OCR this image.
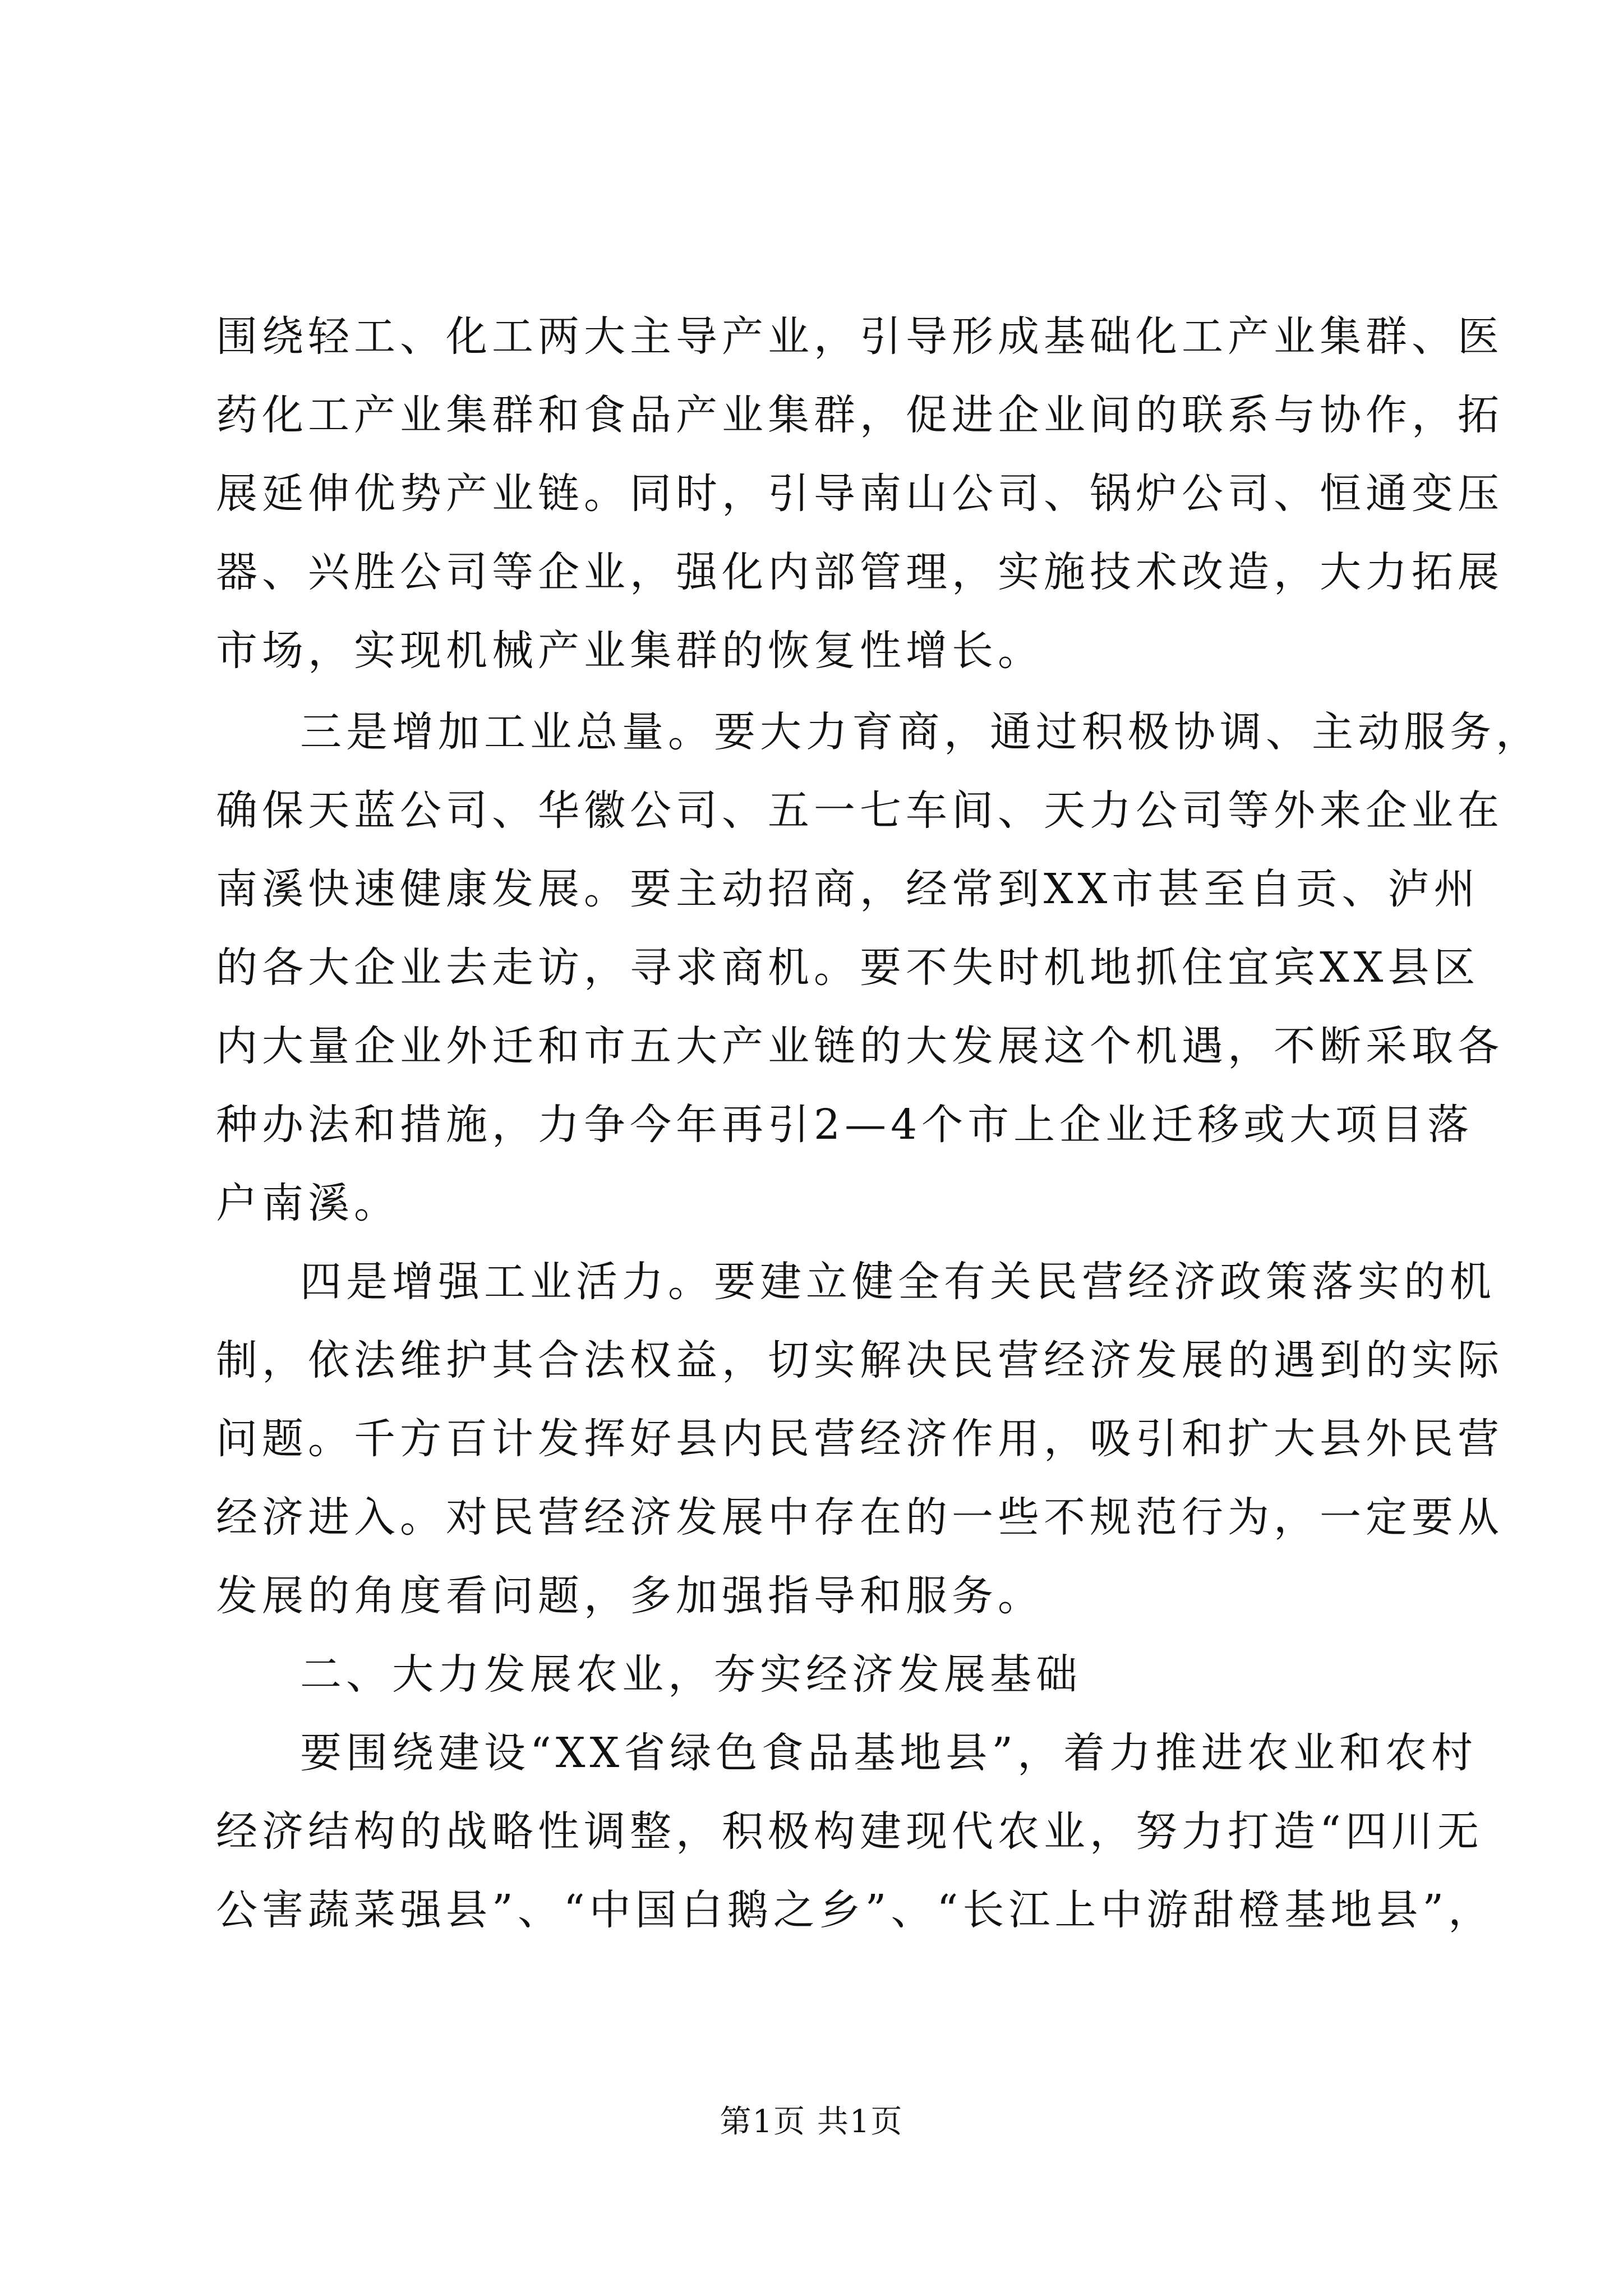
围绕轻工、化工两大主导产业，引导形成基础化工产业集群、医
药化工产业集群和食品产业集群，促进企业间的联系与协作，拓
展延伸优势产业链。同时，引导南山公司、锅炉公司、恒通变压
器、兴胜公司等企业，强化内部管理，实施技术改造，大力拓展
市场，实现机械产业集群的恢复性增长。
三是增加工业总量。要大力育商，通过积极协调、主动服务，
确保天蓝公司、华徽公司、五一七车间、天力公司等外来企业在
南溪快速健康发展。要主动招商，经常到XX市甚至自贡、泸州
的各大企业去走访，寻求商机。要不失时机地抓住宜宾XX县区
内大量企业外迁和市五大产业链的大发展这个机遇，不断采取各
种办法和措施，力争今年再引2—4个市上企业迁移或大项目落
户南溪。
四是增强工业活力。要建立健全有关民营经济政策落实的机
制，依法维护其合法权益，切实解决民营经济发展的遇到的实际
问题。千方百计发挥好县内民营经济作用，吸引和扩大县外民营
经济进入。对民营经济发展中存在的一些不规范行为，一定要从
发展的角度看问题，多加强指导和服务。
二、大力发展农业，夯实经济发展基础
要围绕建设“XX省绿色食品基地县”，着力推进农业和农村
经济结构的战略性调整，积极构建现代农业，努力打造“四川无
公害蔬菜强县”、“中国白鹅之乡”、“长江上中游甜橙基地县”，
第1页 共1页
